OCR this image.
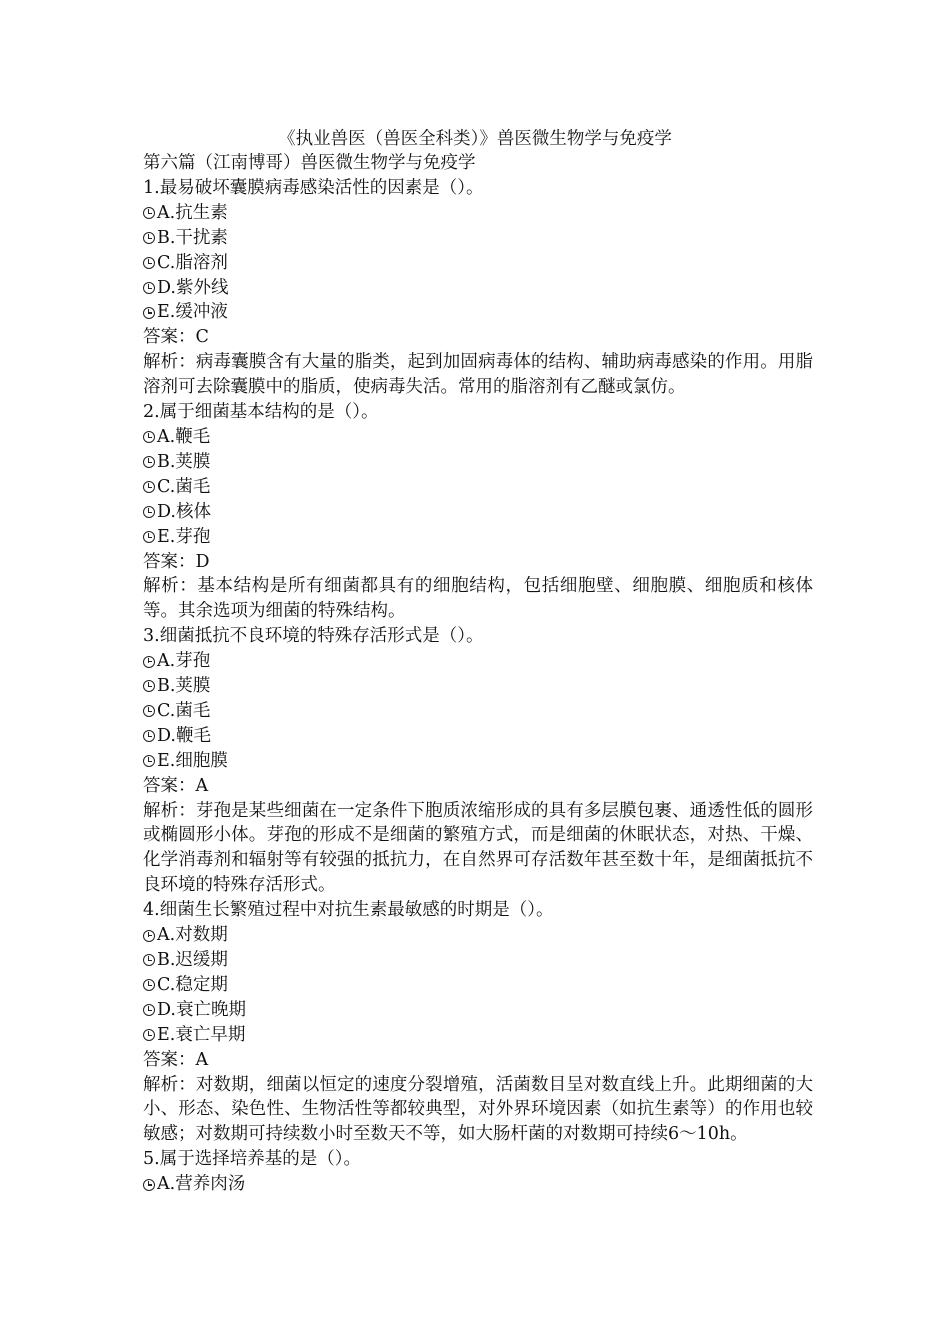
《执业兽医（兽医全科类）》兽医微生物学与免疫学
第六篇（江南博哥）兽医微生物学与免疫学
1.最易破坏囊膜病毒感染活性的因素是（）。
A.抗生素
B.干扰素
C.脂溶剂
D.紫外线
E.缓冲液
答案：C
解析：病毒囊膜含有大量的脂类，起到加固病毒体的结构、辅助病毒感染的作用。用脂溶剂可去除囊膜中的脂质，使病毒失活。常用的脂溶剂有乙醚或氯仿。
2.属于细菌基本结构的是（）。
A.鞭毛
B.荚膜
C.菌毛
D.核体
E.芽孢
答案：D
解析：基本结构是所有细菌都具有的细胞结构，包括细胞壁、细胞膜、细胞质和核体等。其余选项为细菌的特殊结构。
3.细菌抵抗不良环境的特殊存活形式是（）。
A.芽孢
B.荚膜
C.菌毛
D.鞭毛
E.细胞膜
答案：A
解析：芽孢是某些细菌在一定条件下胞质浓缩形成的具有多层膜包裹、通透性低的圆形或椭圆形小体。芽孢的形成不是细菌的繁殖方式，而是细菌的休眠状态，对热、干燥、化学消毒剂和辐射等有较强的抵抗力，在自然界可存活数年甚至数十年，是细菌抵抗不良环境的特殊存活形式。
4.细菌生长繁殖过程中对抗生素最敏感的时期是（）。
A.对数期
B.迟缓期
C.稳定期
D.衰亡晚期
E.衰亡早期
答案：A
解析：对数期，细菌以恒定的速度分裂增殖，活菌数目呈对数直线上升。此期细菌的大小、形态、染色性、生物活性等都较典型，对外界环境因素（如抗生素等）的作用也较敏感；对数期可持续数小时至数天不等，如大肠杆菌的对数期可持续6～10h。
5.属于选择培养基的是（）。
A.营养肉汤
